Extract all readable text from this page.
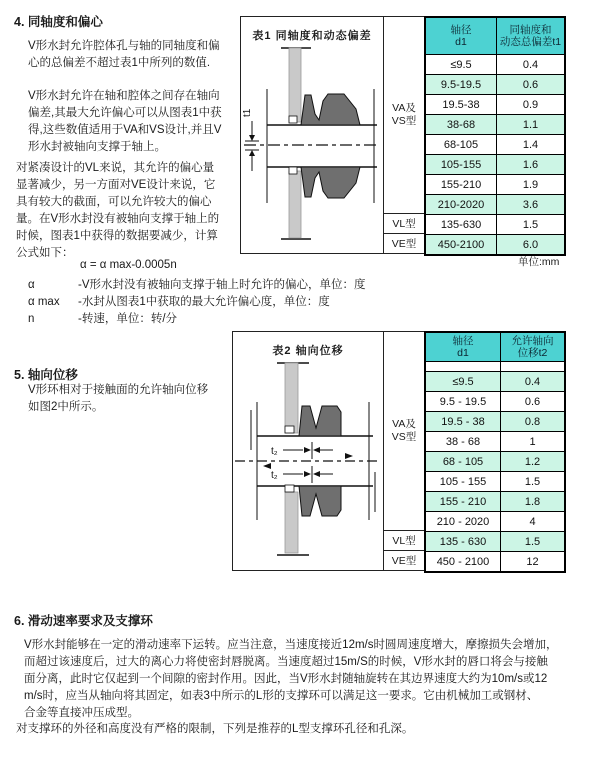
4. 同轴度和偏心
V形水封允许腔体孔与轴的同轴度和偏
心的总偏差不超过表1中所列的数值.
V形水封允许在轴和腔体之间存在轴向
偏差,其最大允许偏心可以从图表1中获
得,这些数值适用于VA和VS设计,并且V
形水封被轴向支撑于轴上。
对紧凑设计的VL来说，其允许的偏心量
显著减少，另一方面对VE设计来说，它
具有较大的截面，可以允许较大的偏心
量。在V形水封没有被轴向支撑于轴上的
时候，图表1中获得的数据要减少，计算
公式如下：
α = α max-0.0005n
α	-V形水封没有被轴向支撑于轴上时允许的偏心，单位：度
α max	-水封从图表1中获取的最大允许偏心度，单位：度
n	-转速，单位：转/分
表1 同轴度和动态偏差
t1	VA及
VS型
VL型
VE型
轴径
d1

同轴度和
动态总偏差t1

≤9.5	0.4
9.5-19.5	0.6
19.5-38	0.9
38-68	1.1
68-105	1.4
105-155	1.6
155-210	1.9
210-2020	3.6
135-630	1.5
450-2100	6.0
单位:mm
5. 轴向位移
V形环相对于接触面的允许轴向位移
如图2中所示。
表2 轴向位移
t₂
t₂
VA及
VS型
VL型
VE型
轴径
d1

允许轴向
位移t2

≤9.5	0.4
9.5 - 19.5	0.6
19.5 - 38	0.8
38 - 68	1
68 - 105	1.2
105 - 155	1.5
155 - 210	1.8
210 - 2020	4
135 - 630	1.5
450 - 2100	12
6. 滑动速率要求及支撑环
V形水封能够在一定的滑动速率下运转。应当注意，当速度接近12m/s时圆周速度增大，摩擦损失会增加，
而超过该速度后，过大的离心力将使密封唇脱离。当速度超过15m/S的时候，V形水封的唇口将会与接触
面分离，此时它仅起到一个间隙的密封作用。因此，当V形水封随轴旋转在其边界速度大约为10m/s或12
m/s时，应当从轴向将其固定，如表3中所示的L形的支撑环可以满足这一要求。它由机械加工或钢材、
合金等直接冲压成型。
对支撑环的外径和高度没有严格的限制，下列是推荐的L型支撑环孔径和孔深。
